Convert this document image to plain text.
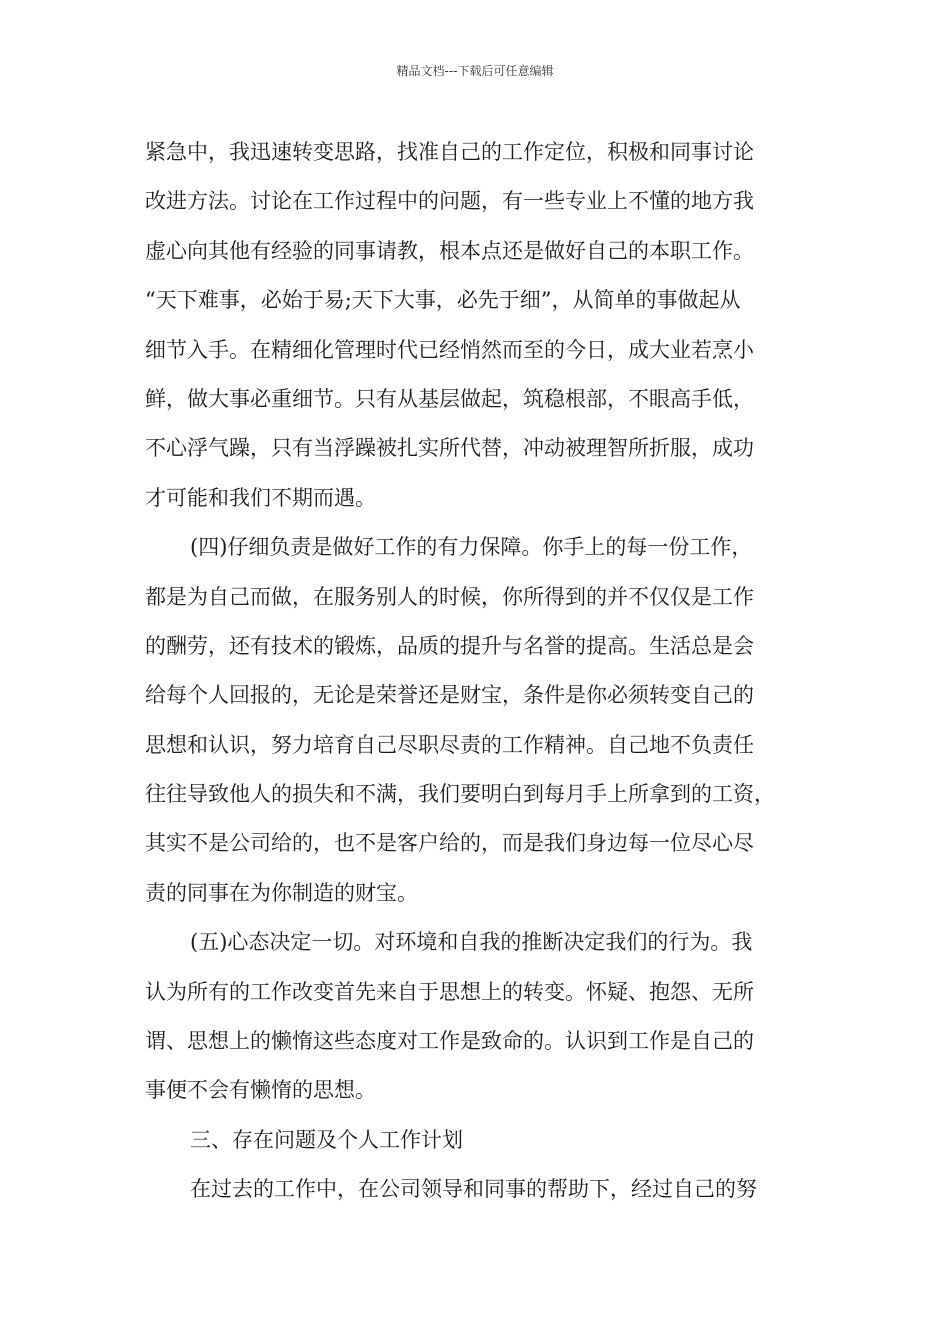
精品文档---下载后可任意编辑
紧急中，我迅速转变思路，找准自己的工作定位，积极和同事讨论
改进方法。讨论在工作过程中的问题，有一些专业上不懂的地方我
虚心向其他有经验的同事请教，根本点还是做好自己的本职工作。
“天下难事，必始于易;天下大事，必先于细”，从简单的事做起从
细节入手。在精细化管理时代已经悄然而至的今日，成大业若烹小
鲜，做大事必重细节。只有从基层做起，筑稳根部，不眼高手低，
不心浮气躁，只有当浮躁被扎实所代替，冲动被理智所折服，成功
才可能和我们不期而遇。
(四)仔细负责是做好工作的有力保障。你手上的每一份工作，
都是为自己而做，在服务别人的时候，你所得到的并不仅仅是工作
的酬劳，还有技术的锻炼，品质的提升与名誉的提高。生活总是会
给每个人回报的，无论是荣誉还是财宝，条件是你必须转变自己的
思想和认识，努力培育自己尽职尽责的工作精神。自己地不负责任
往往导致他人的损失和不满，我们要明白到每月手上所拿到的工资，
其实不是公司给的，也不是客户给的，而是我们身边每一位尽心尽
责的同事在为你制造的财宝。
(五)心态决定一切。对环境和自我的推断决定我们的行为。我
认为所有的工作改变首先来自于思想上的转变。怀疑、抱怨、无所
谓、思想上的懒惰这些态度对工作是致命的。认识到工作是自己的
事便不会有懒惰的思想。
三、存在问题及个人工作计划
在过去的工作中，在公司领导和同事的帮助下，经过自己的努
